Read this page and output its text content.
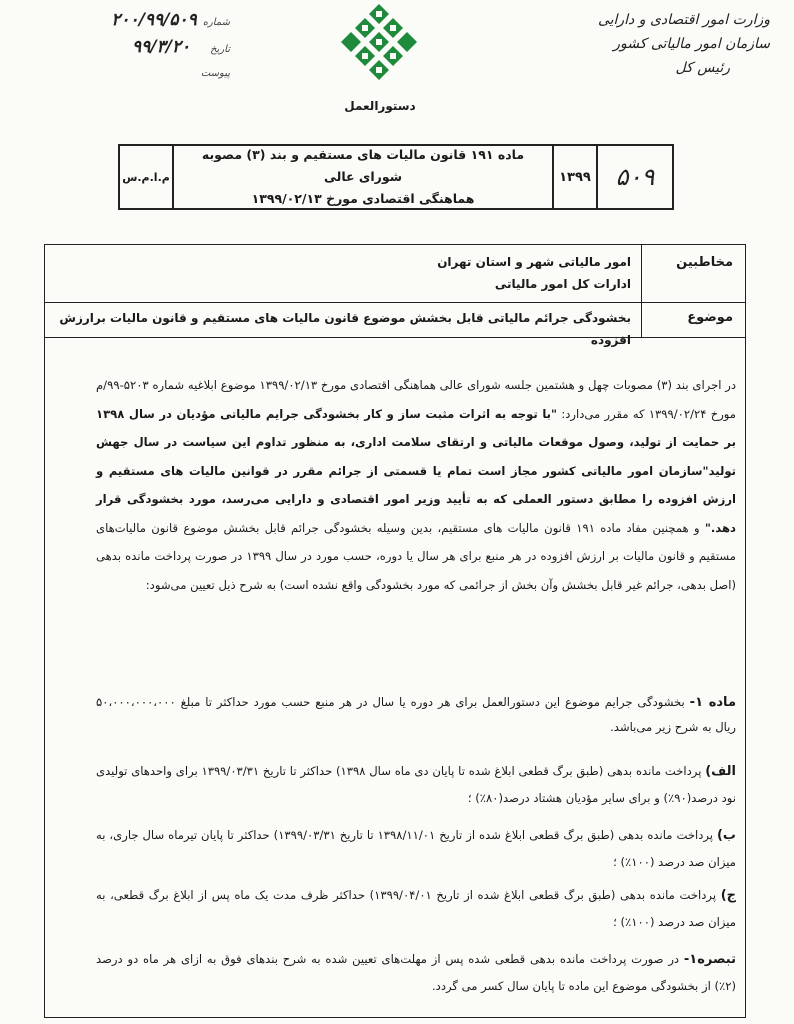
وزارت امور اقتصادی و دارایی
سازمان امور مالیاتی کشور
رئیس کل
دستورالعمل
شماره
۲۰۰/۹۹/۵۰۹
تاریخ
۹۹/۳/۲۰
پیوست
۵۰۹
۱۳۹۹
ماده ۱۹۱ قانون مالیات های مستقیم و بند (۳) مصوبه شورای عالی
هماهنگی اقتصادی مورخ ۱۳۹۹/۰۲/۱۳
م.ا.م.س
مخاطبین
امور مالیاتی شهر و استان تهران
ادارات کل امور مالیاتی
موضوع
بخشودگی جرائم مالیاتی قابل بخشش موضوع قانون مالیات های مستقیم و قانون مالیات برارزش افزوده

در اجرای بند (۳) مصوبات چهل و هشتمین جلسه شورای عالی هماهنگی اقتصادی مورخ ۱۳۹۹/۰۲/۱۳ موضوع ابلاغیه شماره ۵۲۰۳-۹۹/م مورخ ۱۳۹۹/۰۲/۲۴ که مقرر می‌دارد: "با توجه به اثرات مثبت ساز و کار بخشودگی جرایم مالیاتی مؤدیان در سال ۱۳۹۸ بر حمایت از تولید، وصول موقعات مالیاتی و ارتقای سلامت اداری، به منظور تداوم این سیاست در سال جهش تولید"سازمان امور مالیاتی کشور مجاز است تمام یا قسمتی از جرائم مقرر در قوانین مالیات های مستقیم و ارزش افزوده را مطابق دستور العملی که به تأیید وزیر امور اقتصادی و دارایی می‌رسد، مورد بخشودگی قرار دهد." و همچنین مفاد ماده ۱۹۱ قانون مالیات های مستقیم، بدین وسیله بخشودگی جرائم قابل بخشش موضوع قانون مالیات‌های مستقیم و قانون مالیات بر ارزش افزوده در هر منبع برای هر سال یا دوره، حسب مورد در سال ۱۳۹۹ در صورت پرداخت مانده بدهی (اصل بدهی، جرائم غیر قابل بخشش وآن بخش از جرائمی که مورد بخشودگی واقع نشده است) به شرح ذیل تعیین می‌شود:

ماده ۱- بخشودگی جرایم موضوع این دستورالعمل برای هر دوره یا سال در هر منبع حسب مورد حداکثر تا مبلغ ۵۰،۰۰۰،۰۰۰،۰۰۰ ریال به شرح زیر می‌باشد.

الف) پرداخت مانده بدهی (طبق برگ قطعی ابلاغ شده تا پایان دی ماه سال ۱۳۹۸) حداکثر تا تاریخ ۱۳۹۹/۰۳/۳۱ برای واحدهای تولیدی نود درصد(۹۰٪) و برای سایر مؤدیان هشتاد درصد(۸۰٪) ؛

ب) پرداخت مانده بدهی (طبق برگ قطعی ابلاغ شده از تاریخ ۱۳۹۸/۱۱/۰۱ تا تاریخ ۱۳۹۹/۰۳/۳۱) حداکثر تا پایان تیرماه سال جاری، به میزان صد درصد (۱۰۰٪) ؛

ج) پرداخت مانده بدهی (طبق برگ قطعی ابلاغ شده از تاریخ ۱۳۹۹/۰۴/۰۱) حداکثر ظرف مدت یک ماه پس از ابلاغ برگ قطعی، به میزان صد درصد (۱۰۰٪) ؛

تبصره۱- در صورت پرداخت مانده بدهی قطعی شده پس از مهلت‌های تعیین شده به شرح بندهای فوق به ازای هر ماه دو درصد (۲٪) از بخشودگی موضوع این ماده تا پایان سال کسر می گردد.
